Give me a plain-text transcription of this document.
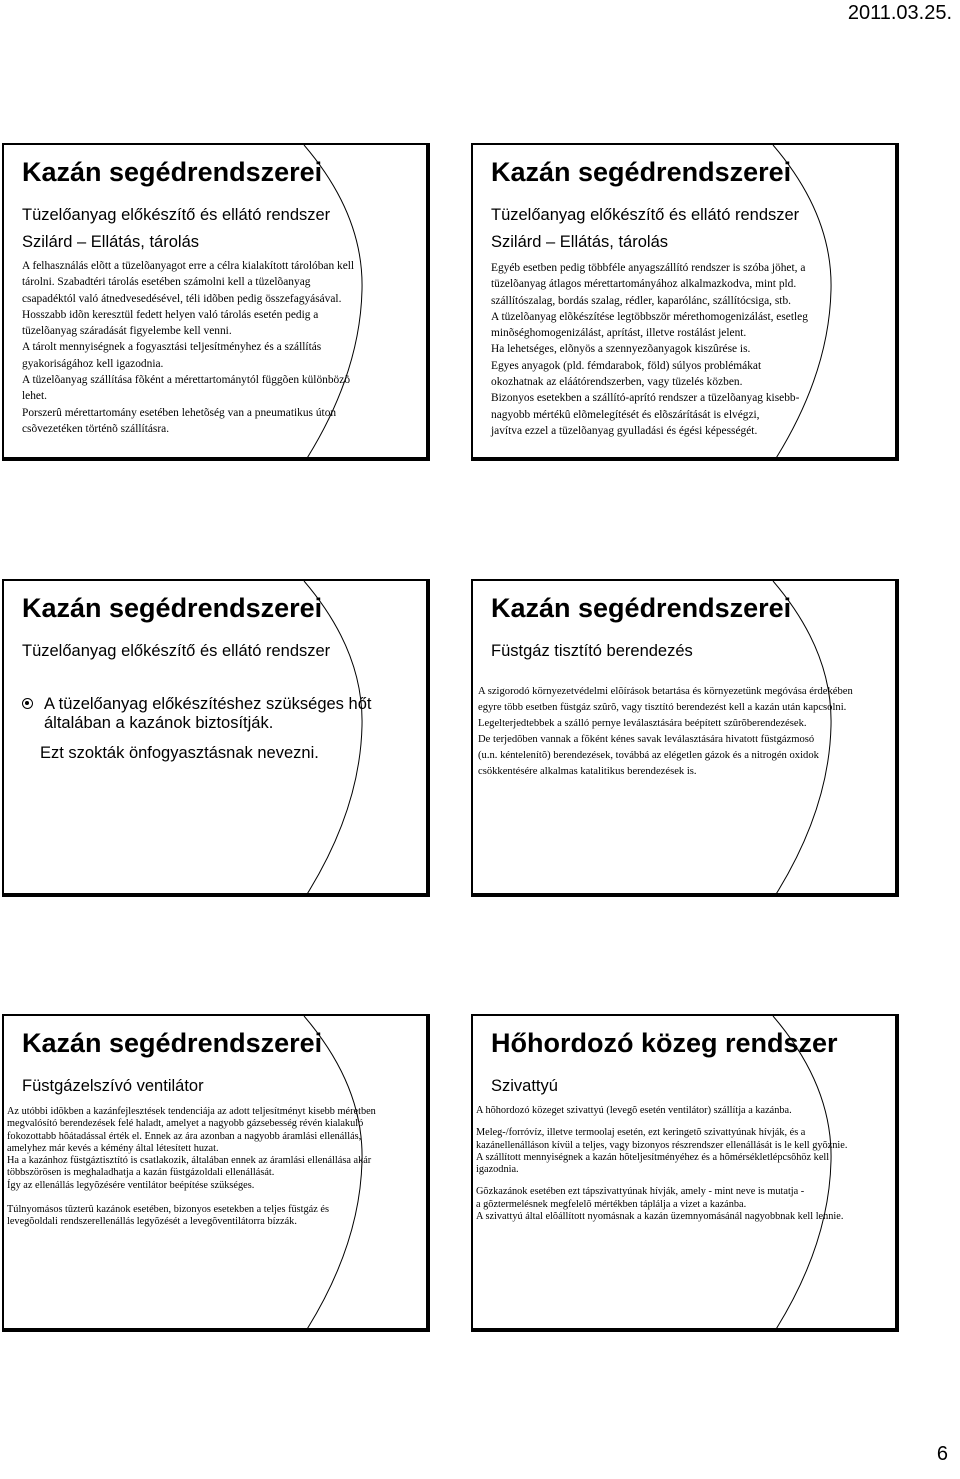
2011.03.25.
Kazán segédrendszerei
Tüzelőanyag előkészítő és ellátó rendszer
Szilárd – Ellátás, tárolás
A felhasználás elõtt a tüzelõanyagot erre a célra kialakított tárolóban kell
tárolni. Szabadtéri tárolás esetében számolni kell a tüzelõanyag
csapadéktól való átnedvesedésével, téli idõben pedig összefagyásával.
Hosszabb idõn keresztül fedett helyen való tárolás esetén pedig a
tüzelõanyag száradását figyelembe kell venni.
A tárolt mennyiségnek a fogyasztási teljesítményhez és a szállítás
gyakoriságához kell igazodnia.
A tüzelõanyag szállítása fõként a mérettartománytól függõen különbözõ
lehet.
Porszerû mérettartomány esetében lehetõség van a pneumatikus úton
csõvezetéken történõ szállításra.
Kazán segédrendszerei
Tüzelőanyag előkészítő és ellátó rendszer
Szilárd – Ellátás, tárolás
Egyéb esetben pedig többféle anyagszállító rendszer is szóba jöhet, a
tüzelõanyag átlagos mérettartományához alkalmazkodva, mint pld.
szállítószalag, bordás szalag, rédler, kaparólánc, szállítócsiga, stb.
A tüzelõanyag elõkészítése legtöbbször mérethomogenizálást, esetleg
minõséghomogenizálást, aprítást, illetve rostálást jelent.
Ha lehetséges, elõnyös a szennyezõanyagok kiszûrése is.
Egyes anyagok (pld. fémdarabok, föld) súlyos problémákat
okozhatnak az eláátórendszerben, vagy tüzelés közben.
Bizonyos esetekben a szállító-aprító rendszer a tüzelõanyag kisebb-
nagyobb mértékû elõmelegítését és elõszárítását is elvégzi,
javítva ezzel a tüzelõanyag gyulladási és égési képességét.
Kazán segédrendszerei
Tüzelőanyag előkészítő és ellátó rendszer
A tüzelőanyag előkészítéshez szükséges hőt
általában a kazánok biztosítják.
Ezt szokták önfogyasztásnak nevezni.
Kazán segédrendszerei
Füstgáz tisztító berendezés
A szigorodó környezetvédelmi elõírások betartása és környezetünk megóvása érdekében
egyre több esetben füstgáz szûrõ, vagy tisztító berendezést kell a kazán után kapcsolni.
Legelterjedtebbek a szálló pernye leválasztására beépített szûrõberendezések.
De terjedõben vannak a fõként kénes savak leválasztására hivatott füstgázmosó
(u.n. kéntelenítõ) berendezések, továbbá az elégetlen gázok és a nitrogén oxidok
csökkentésére alkalmas katalitikus berendezések is.
Kazán segédrendszerei
Füstgázelszívó ventilátor
Az utóbbi idõkben a kazánfejlesztések tendenciája az adott teljesítményt kisebb méretben
megvalósító berendezések felé haladt, amelyet a nagyobb gázsebesség révén kialakuló
fokozottabb hõátadással érték el. Ennek az ára azonban a nagyobb áramlási ellenállás,
amelyhez már kevés a kémény által létesített huzat.
Ha a kazánhoz füstgáztisztító is csatlakozik, általában ennek az áramlási ellenállása akár
többszörösen is meghaladhatja a kazán füstgázoldali ellenállását.
Így az ellenállás legyõzésére ventilátor beépítése szükséges.
Túlnyomásos tûzterû kazánok esetében, bizonyos esetekben a teljes füstgáz és
levegõoldali rendszerellenállás legyõzését a levegõventilátorra bízzák.
Hőhordozó közeg rendszer
Szivattyú
A hõhordozó közeget szivattyú (levegõ esetén ventilátor) szállítja a kazánba.
Meleg-/forróvíz, illetve termoolaj esetén, ezt keringetõ szivattyúnak hívják, és a
kazánellenálláson kívül a teljes, vagy bizonyos részrendszer ellenállását is le kell gyõznie.
A szállított mennyiségnek a kazán hõteljesítményéhez és a hõmérsékletlépcsõhöz kell
igazodnia.
Gõzkazánok esetében ezt tápszivattyúnak hívják, amely - mint neve is mutatja -
a gõztermelésnek megfelelõ mértékben táplálja a vizet a kazánba.
A szivattyú által elõállított nyomásnak a kazán üzemnyomásánál nagyobbnak kell lennie.
6
